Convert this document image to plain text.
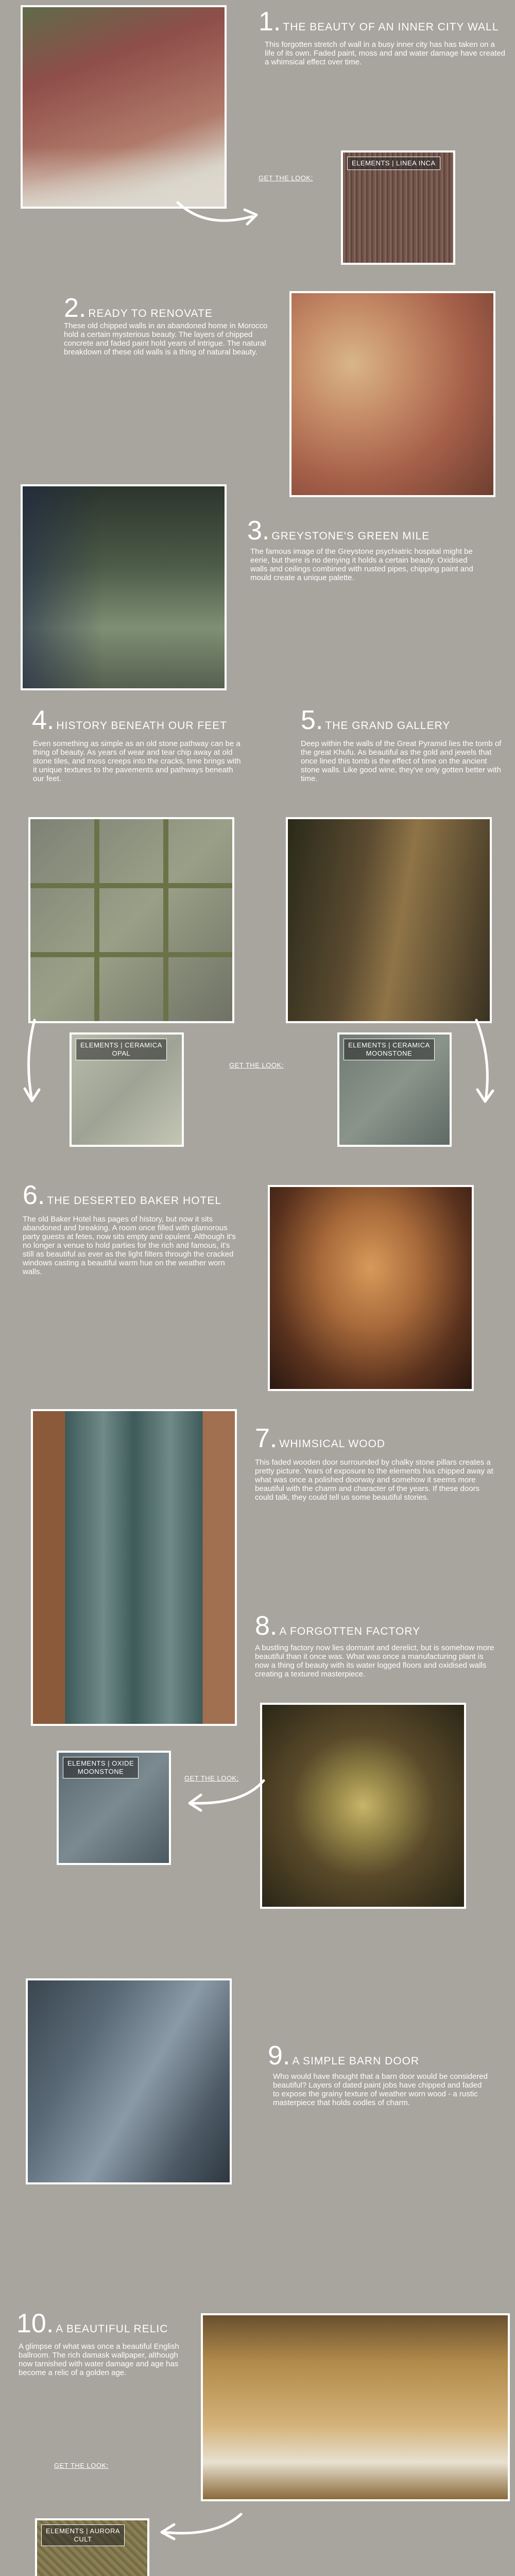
1. THE BEAUTY OF AN INNER CITY WALL
This forgotten stretch of wall in a busy inner city has has taken on a life of its own. Faded paint, moss and and water damage have created a whimsical effect over time.
GET THE LOOK:
ELEMENTS | LINEA INCA
2. READY TO RENOVATE
These old chipped walls in an abandoned home in Morocco hold a certain mysterious beauty. The layers of chipped concrete and faded paint hold years of intrigue. The natural breakdown of these old walls is a thing of natural beauty.
3. GREYSTONE'S GREEN MILE
The famous image of the Greystone psychiatric hospital might be eerie, but there is no denying it holds a certain beauty. Oxidised walls and ceilings combined with rusted pipes, chipping paint and mould create a unique palette.
4. HISTORY BENEATH OUR FEET
Even something as simple as an old stone pathway can be a thing of beauty. As years of wear and tear chip away at old stone tiles, and moss creeps into the cracks, time brings with it unique textures to the pavements and pathways beneath our feet.
ELEMENTS | CERAMICA
OPAL
5. THE GRAND GALLERY
Deep within the walls of the Great Pyramid lies the tomb of the great Khufu. As beautiful as the gold and jewels that once lined this tomb is the effect of time on the ancient stone walls. Like good wine, they've only gotten better with time.
GET THE LOOK:
ELEMENTS | CERAMICA
MOONSTONE
6. THE DESERTED BAKER HOTEL
The old Baker Hotel has pages of history, but now it sits abandoned and breaking. A room once filled with glamorous party guests at fetes, now sits empty and opulent. Although it's no longer a venue to hold parties for the rich and famous, it's still as beautiful as ever as the light filters through the cracked windows casting a beautiful warm hue on the weather worn walls.
7. WHIMSICAL WOOD
This faded wooden door surrounded by chalky stone pillars creates a pretty picture. Years of exposure to the elements has chipped away at what was once a polished doorway and somehow it seems more beautiful with the charm and character of the years. If these doors could talk, they could tell us some beautiful stories.
8. A FORGOTTEN FACTORY
A bustling factory now lies dormant and derelict, but is somehow more beautiful than it once was. What was once a manufacturing plant is now a thing of beauty with its water logged floors and oxidised walls creating a textured masterpiece.
ELEMENTS | OXIDE
MOONSTONE
GET THE LOOK:
9. A SIMPLE BARN DOOR
Who would have thought that a barn door would be considered beautiful? Layers of dated paint jobs have chipped and faded to expose the grainy texture of weather worn wood - a rustic masterpiece that holds oodles of charm.
10. A BEAUTIFUL RELIC
A glimpse of what was once a beautiful English ballroom. The rich damask wallpaper, although now tarnished with water damage and age has become a relic of a golden age.
GET THE LOOK:
ELEMENTS | AURORA
CULT
